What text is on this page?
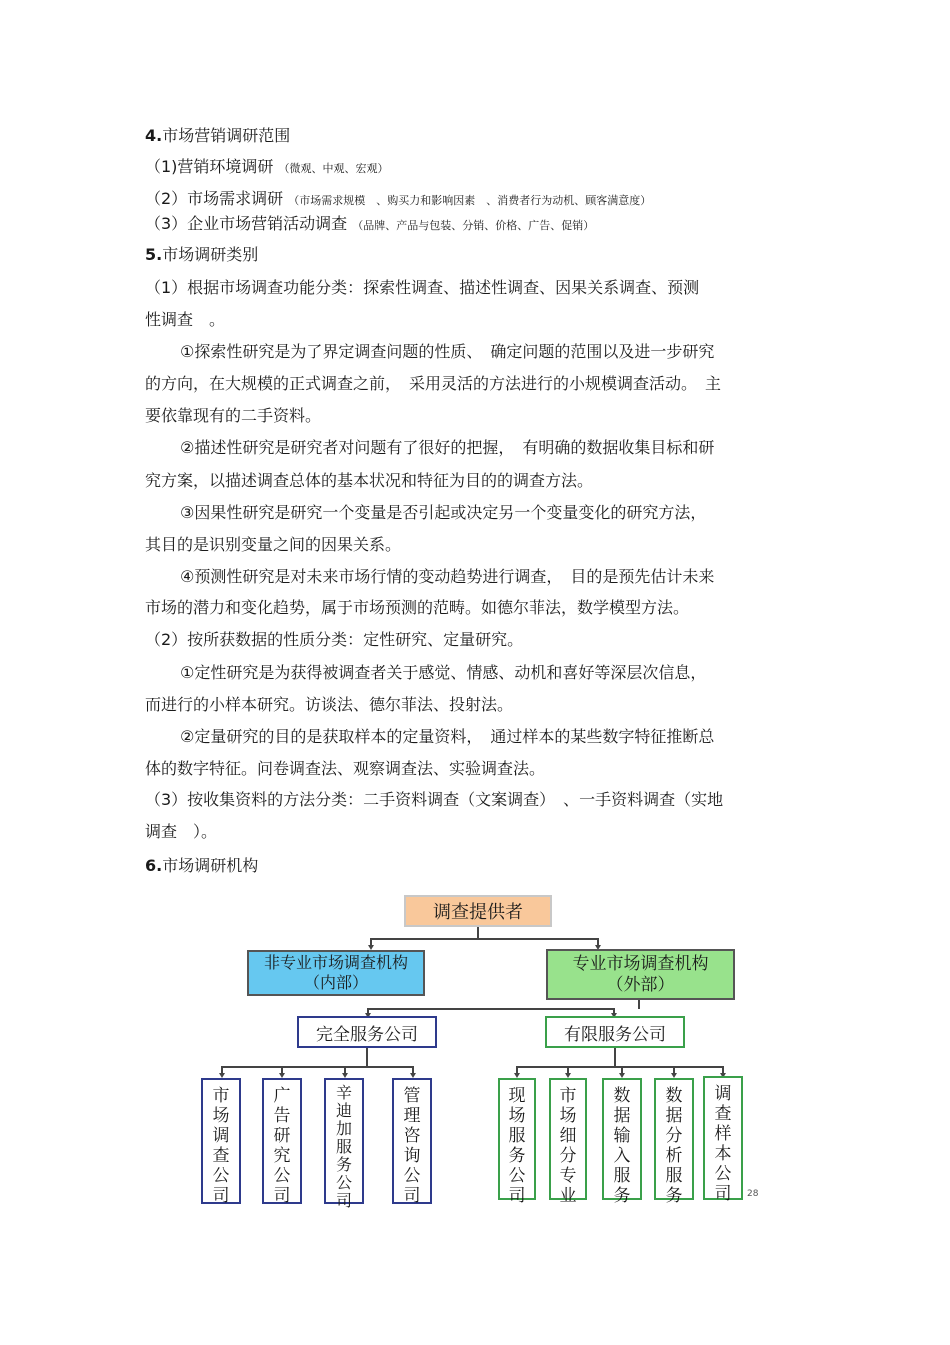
4.市场营销调研范围
（1)营销环境调研 （微观、中观、宏观）
（2）市场需求调研 （市场需求规模　、购买力和影响因素　、消费者行为动机、顾客满意度）
（3）企业市场营销活动调查 （品牌、产品与包装、分销、价格、广告、促销）
5.市场调研类别
（1）根据市场调查功能分类：探索性调查、描述性调查、因果关系调查、预测
性调查　。
①探索性研究是为了界定调查问题的性质、　确定问题的范围以及进一步研究
的方向，在大规模的正式调查之前，　采用灵活的方法进行的小规模调查活动。　主
要依靠现有的二手资料。
②描述性研究是研究者对问题有了很好的把握，　有明确的数据收集目标和研
究方案，以描述调查总体的基本状况和特征为目的的调查方法。
③因果性研究是研究一个变量是否引起或决定另一个变量变化的研究方法，
其目的是识别变量之间的因果关系。
④预测性研究是对未来市场行情的变动趋势进行调查，　目的是预先估计未来
市场的潜力和变化趋势，属于市场预测的范畴。如德尔菲法，数学模型方法。
（2）按所获数据的性质分类：定性研究、定量研究。
①定性研究是为获得被调查者关于感觉、情感、动机和喜好等深层次信息，
而进行的小样本研究。访谈法、德尔菲法、投射法。
②定量研究的目的是获取样本的定量资料，　通过样本的某些数字特征推断总
体的数字特征。问卷调查法、观察调查法、实验调查法。
（3）按收集资料的方法分类：二手资料调查（文案调查）　、一手资料调查（实地
调查　）。
6.市场调研机构
调查提供者
非专业市场调查机构
（内部）
专业市场调查机构
（外部）
完全服务公司	有限服务公司
市场调查公司
广告研究公司
辛迪加服务公司
管理咨询公司
现场服务公司
市场细分专业
数据输入服务
数据分析服务
调查样本公司	28
